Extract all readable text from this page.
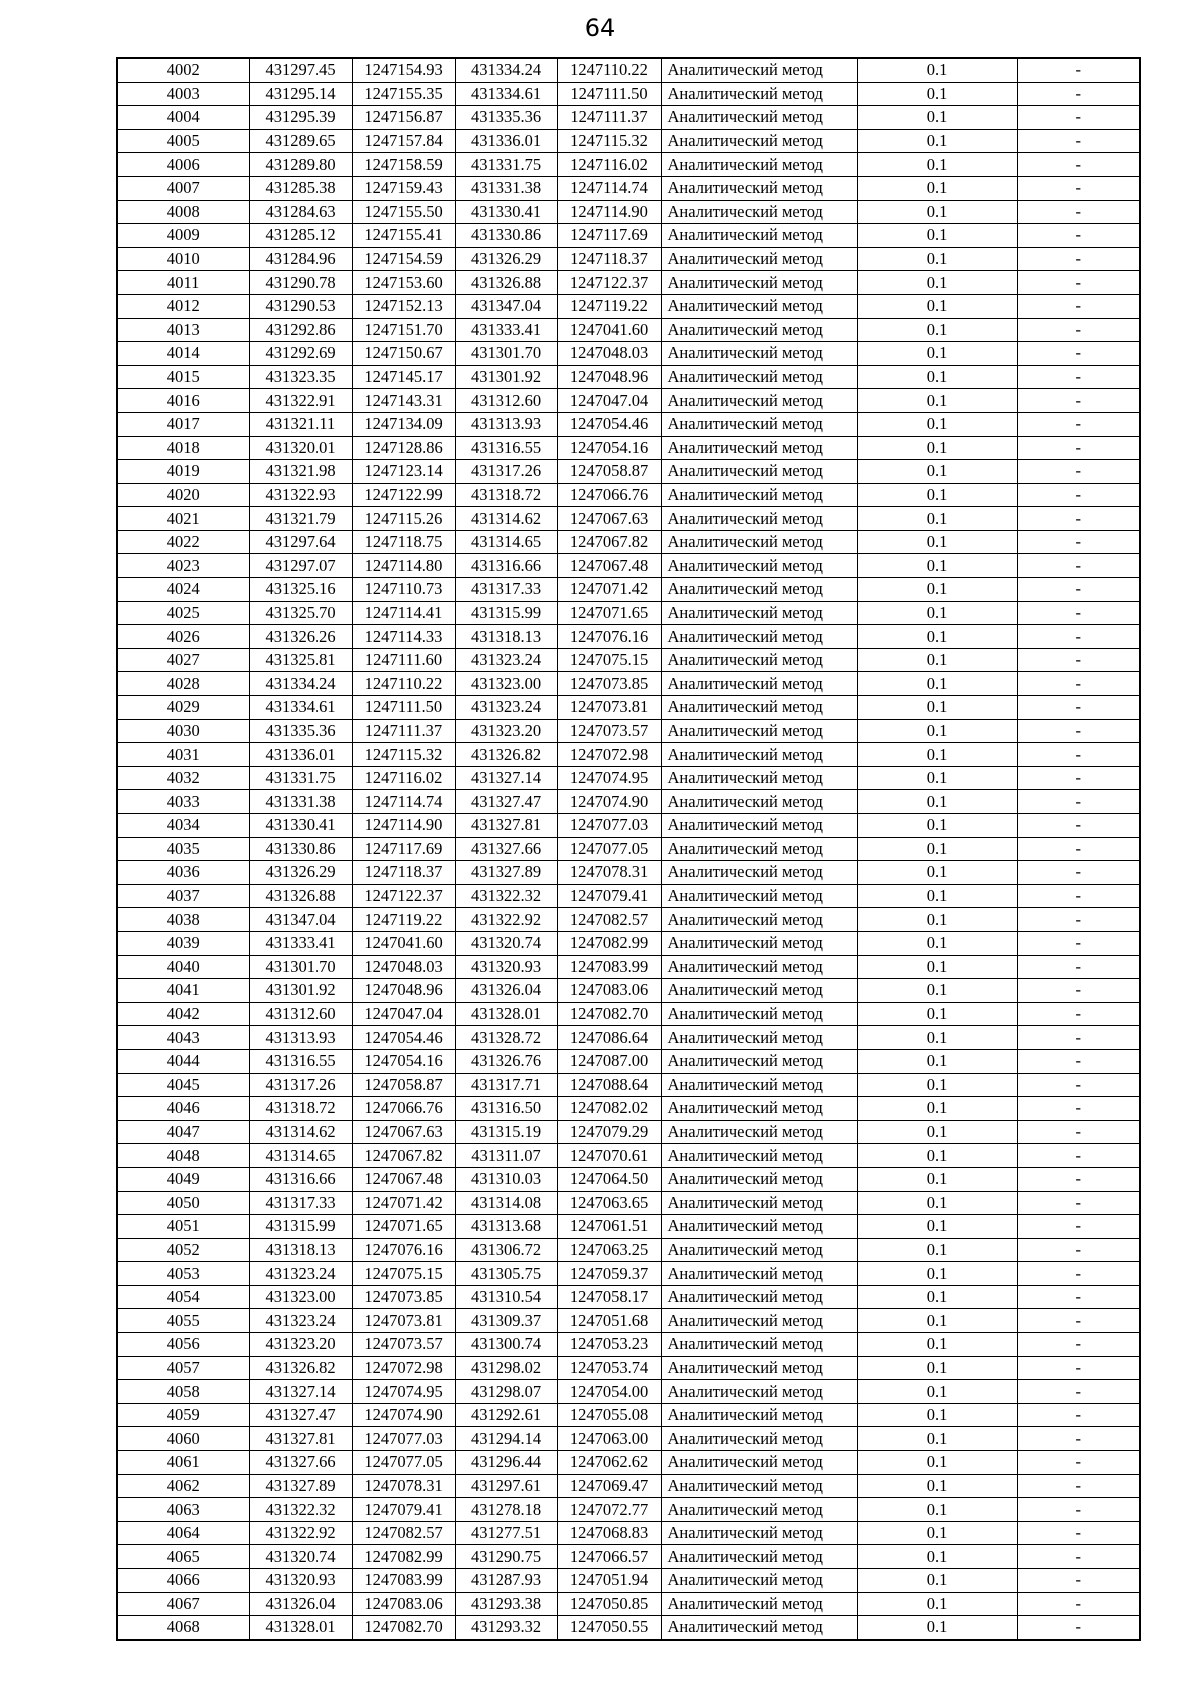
64
4002	431297.45	1247154.93	431334.24	1247110.22	Аналитический метод	0.1	-
4003	431295.14	1247155.35	431334.61	1247111.50	Аналитический метод	0.1	-
4004	431295.39	1247156.87	431335.36	1247111.37	Аналитический метод	0.1	-
4005	431289.65	1247157.84	431336.01	1247115.32	Аналитический метод	0.1	-
4006	431289.80	1247158.59	431331.75	1247116.02	Аналитический метод	0.1	-
4007	431285.38	1247159.43	431331.38	1247114.74	Аналитический метод	0.1	-
4008	431284.63	1247155.50	431330.41	1247114.90	Аналитический метод	0.1	-
4009	431285.12	1247155.41	431330.86	1247117.69	Аналитический метод	0.1	-
4010	431284.96	1247154.59	431326.29	1247118.37	Аналитический метод	0.1	-
4011	431290.78	1247153.60	431326.88	1247122.37	Аналитический метод	0.1	-
4012	431290.53	1247152.13	431347.04	1247119.22	Аналитический метод	0.1	-
4013	431292.86	1247151.70	431333.41	1247041.60	Аналитический метод	0.1	-
4014	431292.69	1247150.67	431301.70	1247048.03	Аналитический метод	0.1	-
4015	431323.35	1247145.17	431301.92	1247048.96	Аналитический метод	0.1	-
4016	431322.91	1247143.31	431312.60	1247047.04	Аналитический метод	0.1	-
4017	431321.11	1247134.09	431313.93	1247054.46	Аналитический метод	0.1	-
4018	431320.01	1247128.86	431316.55	1247054.16	Аналитический метод	0.1	-
4019	431321.98	1247123.14	431317.26	1247058.87	Аналитический метод	0.1	-
4020	431322.93	1247122.99	431318.72	1247066.76	Аналитический метод	0.1	-
4021	431321.79	1247115.26	431314.62	1247067.63	Аналитический метод	0.1	-
4022	431297.64	1247118.75	431314.65	1247067.82	Аналитический метод	0.1	-
4023	431297.07	1247114.80	431316.66	1247067.48	Аналитический метод	0.1	-
4024	431325.16	1247110.73	431317.33	1247071.42	Аналитический метод	0.1	-
4025	431325.70	1247114.41	431315.99	1247071.65	Аналитический метод	0.1	-
4026	431326.26	1247114.33	431318.13	1247076.16	Аналитический метод	0.1	-
4027	431325.81	1247111.60	431323.24	1247075.15	Аналитический метод	0.1	-
4028	431334.24	1247110.22	431323.00	1247073.85	Аналитический метод	0.1	-
4029	431334.61	1247111.50	431323.24	1247073.81	Аналитический метод	0.1	-
4030	431335.36	1247111.37	431323.20	1247073.57	Аналитический метод	0.1	-
4031	431336.01	1247115.32	431326.82	1247072.98	Аналитический метод	0.1	-
4032	431331.75	1247116.02	431327.14	1247074.95	Аналитический метод	0.1	-
4033	431331.38	1247114.74	431327.47	1247074.90	Аналитический метод	0.1	-
4034	431330.41	1247114.90	431327.81	1247077.03	Аналитический метод	0.1	-
4035	431330.86	1247117.69	431327.66	1247077.05	Аналитический метод	0.1	-
4036	431326.29	1247118.37	431327.89	1247078.31	Аналитический метод	0.1	-
4037	431326.88	1247122.37	431322.32	1247079.41	Аналитический метод	0.1	-
4038	431347.04	1247119.22	431322.92	1247082.57	Аналитический метод	0.1	-
4039	431333.41	1247041.60	431320.74	1247082.99	Аналитический метод	0.1	-
4040	431301.70	1247048.03	431320.93	1247083.99	Аналитический метод	0.1	-
4041	431301.92	1247048.96	431326.04	1247083.06	Аналитический метод	0.1	-
4042	431312.60	1247047.04	431328.01	1247082.70	Аналитический метод	0.1	-
4043	431313.93	1247054.46	431328.72	1247086.64	Аналитический метод	0.1	-
4044	431316.55	1247054.16	431326.76	1247087.00	Аналитический метод	0.1	-
4045	431317.26	1247058.87	431317.71	1247088.64	Аналитический метод	0.1	-
4046	431318.72	1247066.76	431316.50	1247082.02	Аналитический метод	0.1	-
4047	431314.62	1247067.63	431315.19	1247079.29	Аналитический метод	0.1	-
4048	431314.65	1247067.82	431311.07	1247070.61	Аналитический метод	0.1	-
4049	431316.66	1247067.48	431310.03	1247064.50	Аналитический метод	0.1	-
4050	431317.33	1247071.42	431314.08	1247063.65	Аналитический метод	0.1	-
4051	431315.99	1247071.65	431313.68	1247061.51	Аналитический метод	0.1	-
4052	431318.13	1247076.16	431306.72	1247063.25	Аналитический метод	0.1	-
4053	431323.24	1247075.15	431305.75	1247059.37	Аналитический метод	0.1	-
4054	431323.00	1247073.85	431310.54	1247058.17	Аналитический метод	0.1	-
4055	431323.24	1247073.81	431309.37	1247051.68	Аналитический метод	0.1	-
4056	431323.20	1247073.57	431300.74	1247053.23	Аналитический метод	0.1	-
4057	431326.82	1247072.98	431298.02	1247053.74	Аналитический метод	0.1	-
4058	431327.14	1247074.95	431298.07	1247054.00	Аналитический метод	0.1	-
4059	431327.47	1247074.90	431292.61	1247055.08	Аналитический метод	0.1	-
4060	431327.81	1247077.03	431294.14	1247063.00	Аналитический метод	0.1	-
4061	431327.66	1247077.05	431296.44	1247062.62	Аналитический метод	0.1	-
4062	431327.89	1247078.31	431297.61	1247069.47	Аналитический метод	0.1	-
4063	431322.32	1247079.41	431278.18	1247072.77	Аналитический метод	0.1	-
4064	431322.92	1247082.57	431277.51	1247068.83	Аналитический метод	0.1	-
4065	431320.74	1247082.99	431290.75	1247066.57	Аналитический метод	0.1	-
4066	431320.93	1247083.99	431287.93	1247051.94	Аналитический метод	0.1	-
4067	431326.04	1247083.06	431293.38	1247050.85	Аналитический метод	0.1	-
4068	431328.01	1247082.70	431293.32	1247050.55	Аналитический метод	0.1	-
